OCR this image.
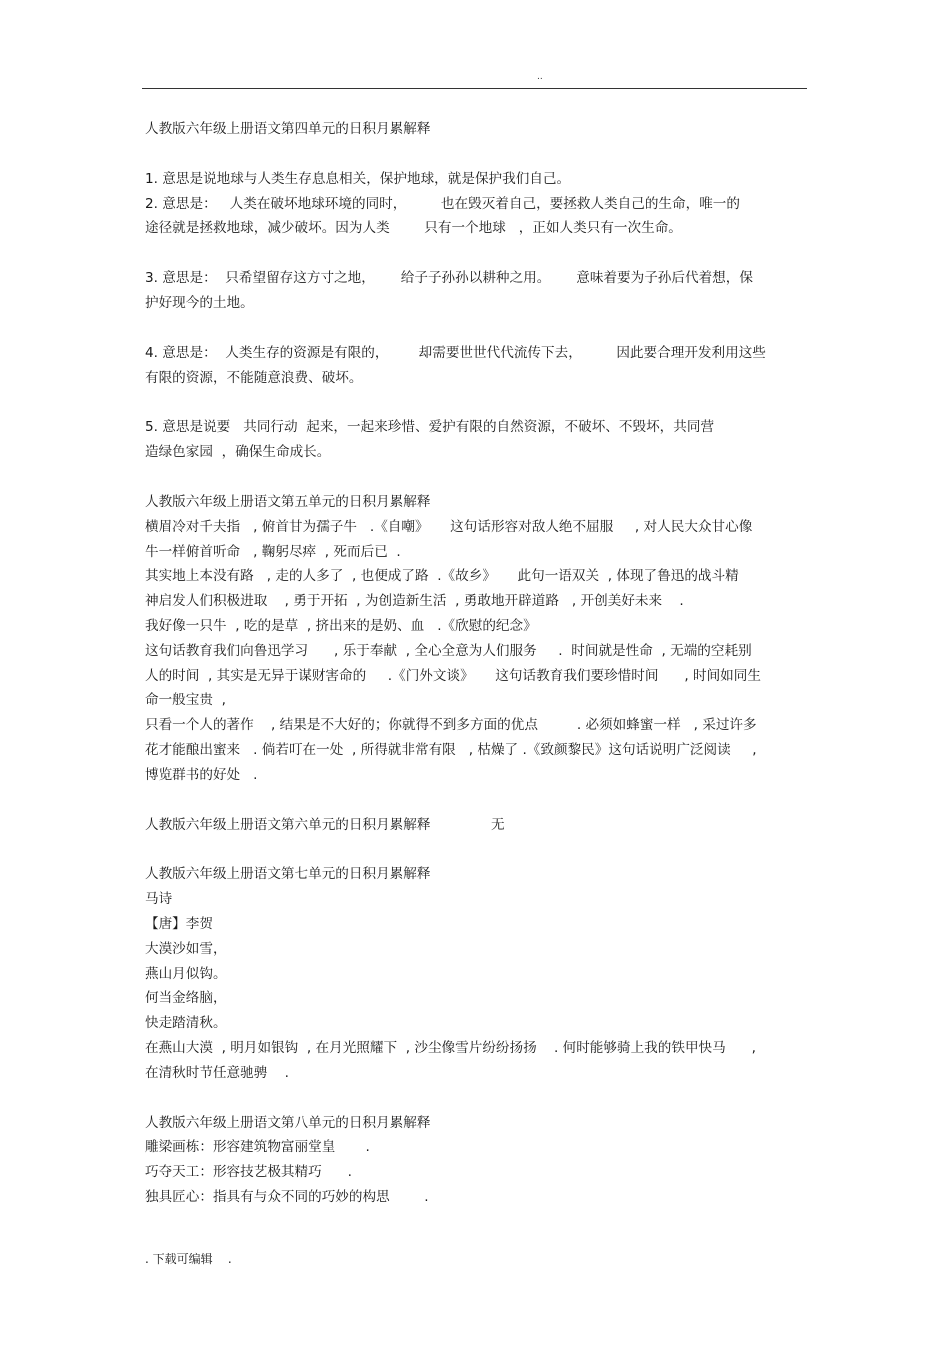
..
人教版六年级上册语文第四单元的日积月累解释
1. 意思是说地球与人类生存息息相关，保护地球，就是保护我们自己。
2. 意思是：   人类在破坏地球环境的同时，        也在毁灭着自己，要拯救人类自己的生命，唯一的
途径就是拯救地球，减少破坏。因为人类        只有一个地球   ，正如人类只有一次生命。
3. 意思是：  只希望留存这方寸之地，      给子子孙孙以耕种之用。      意味着要为子孙后代着想，保
护好现今的土地。
4. 意思是：  人类生存的资源是有限的，       却需要世世代代流传下去，        因此要合理开发利用这些
有限的资源，不能随意浪费、破坏。
5. 意思是说要   共同行动  起来，一起来珍惜、爱护有限的自然资源，不破坏、不毁坏，共同营
造绿色家园  ，确保生命成长。
人教版六年级上册语文第五单元的日积月累解释
横眉冷对千夫指   , 俯首甘为孺子牛   .《自嘲》     这句话形容对敌人绝不屈服     , 对人民大众甘心像
牛一样俯首听命   , 鞠躬尽瘁  , 死而后已  .
其实地上本没有路   , 走的人多了  , 也便成了路  .《故乡》     此句一语双关  , 体现了鲁迅的战斗精
神启发人们积极进取    , 勇于开拓  , 为创造新生活  , 勇敢地开辟道路   , 开创美好未来    .
我好像一只牛  , 吃的是草  , 挤出来的是奶、血   .《欣慰的纪念》
这句话教育我们向鲁迅学习      , 乐于奉献  , 全心全意为人们服务     .  时间就是性命  , 无端的空耗别
人的时间  , 其实是无异于谋财害命的     .《门外文谈》     这句话教育我们要珍惜时间      , 时间如同生
命一般宝贵  ,
只看一个人的著作    , 结果是不大好的；你就得不到多方面的优点         . 必须如蜂蜜一样   , 采过许多
花才能酿出蜜来   . 倘若叮在一处  , 所得就非常有限   , 枯燥了 .《致颜黎民》这句话说明广泛阅读     ,
博览群书的好处   .
人教版六年级上册语文第六单元的日积月累解释              无
人教版六年级上册语文第七单元的日积月累解释
马诗
【唐】李贺
大漠沙如雪，
燕山月似钩。
何当金络脑，
快走踏清秋。
在燕山大漠  , 明月如银钩  , 在月光照耀下  , 沙尘像雪片纷纷扬扬    . 何时能够骑上我的铁甲快马      ,
在清秋时节任意驰骋    .
人教版六年级上册语文第八单元的日积月累解释
雕梁画栋：形容建筑物富丽堂皇       .
巧夺天工：形容技艺极其精巧      .
独具匠心：指具有与众不同的巧妙的构思        .
. 下载可编辑    .
